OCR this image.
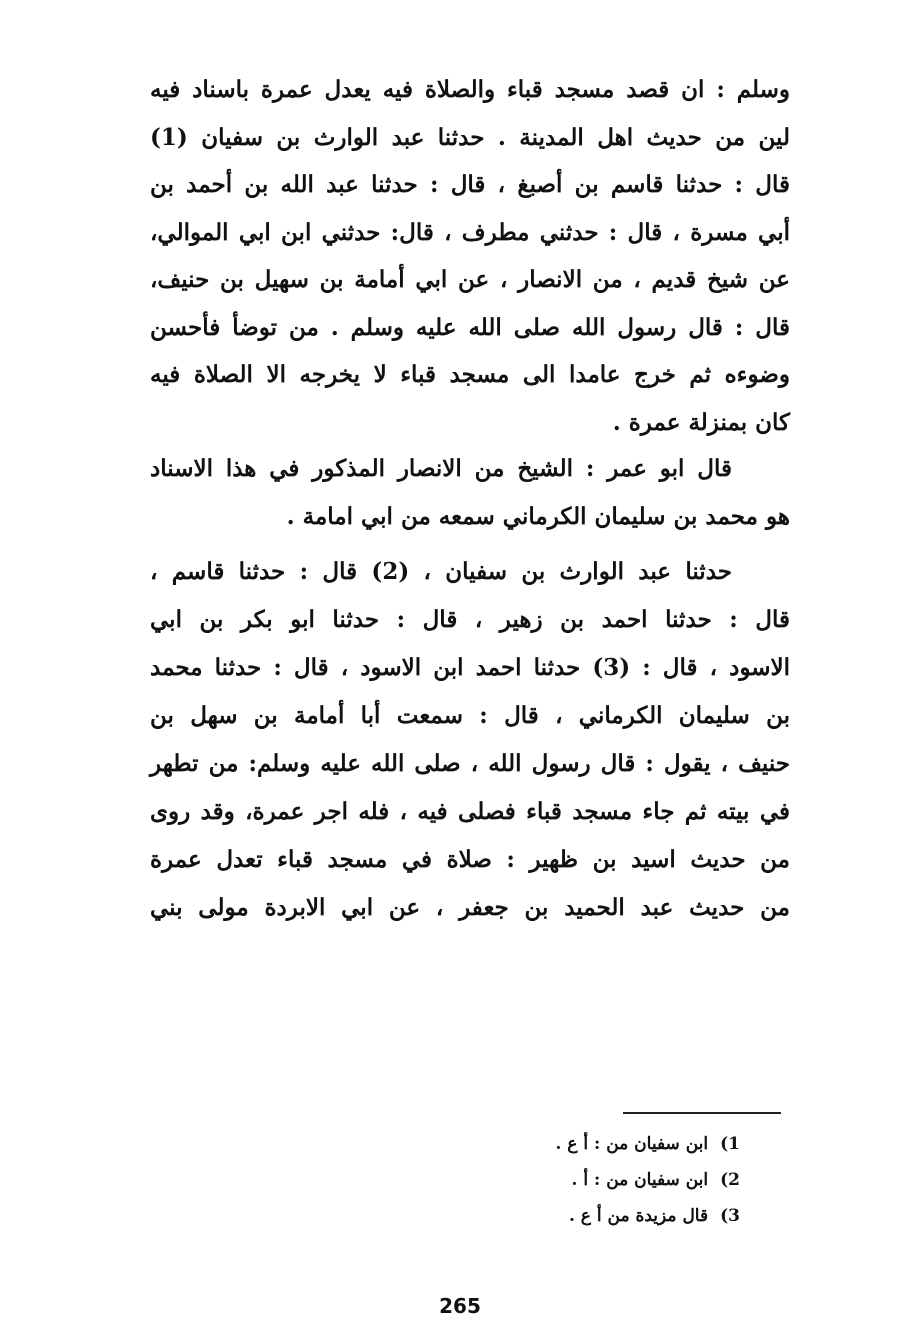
وسلم : ان قصد مسجد قباء والصلاة فيه يعدل عمرة باسناد فيه
لين من حديث اهل المدينة . حدثنا عبد الوارث بن سفيان (1)
قال : حدثنا قاسم بن أصبغ ، قال : حدثنا عبد الله بن أحمد بن
أبي مسرة ، قال : حدثني مطرف ، قال: حدثني ابن ابي الموالي،
عن شيخ قديم ، من الانصار ، عن ابي أمامة بن سهيل بن حنيف،
قال : قال رسول الله صلى الله عليه وسلم . من توضأ فأحسن
وضوءه ثم خرج عامدا الى مسجد قباء لا يخرجه الا الصلاة فيه
كان بمنزلة عمرة .
قال ابو عمر : الشيخ من الانصار المذكور في هذا الاسناد
هو محمد بن سليمان الكرماني سمعه من ابي امامة .
حدثنا عبد الوارث بن سفيان ، (2) قال : حدثنا قاسم ،
قال : حدثنا احمد بن زهير ، قال : حدثنا ابو بكر بن ابي
الاسود ، قال : (3) حدثنا احمد ابن الاسود ، قال : حدثنا محمد
بن سليمان الكرماني ، قال : سمعت أبا أمامة بن سهل بن
حنيف ، يقول : قال رسول الله ، صلى الله عليه وسلم: من تطهر
في بيته ثم جاء مسجد قباء فصلى فيه ، فله اجر عمرة، وقد روى
من حديث اسيد بن ظهير : صلاة في مسجد قباء تعدل عمرة
من حديث عبد الحميد بن جعفر ، عن ابي الابردة مولى بني
1)ابن سفيان من : أ ع .
2)ابن سفيان من : أ .
3)قال مزيدة من أ ع .
265
